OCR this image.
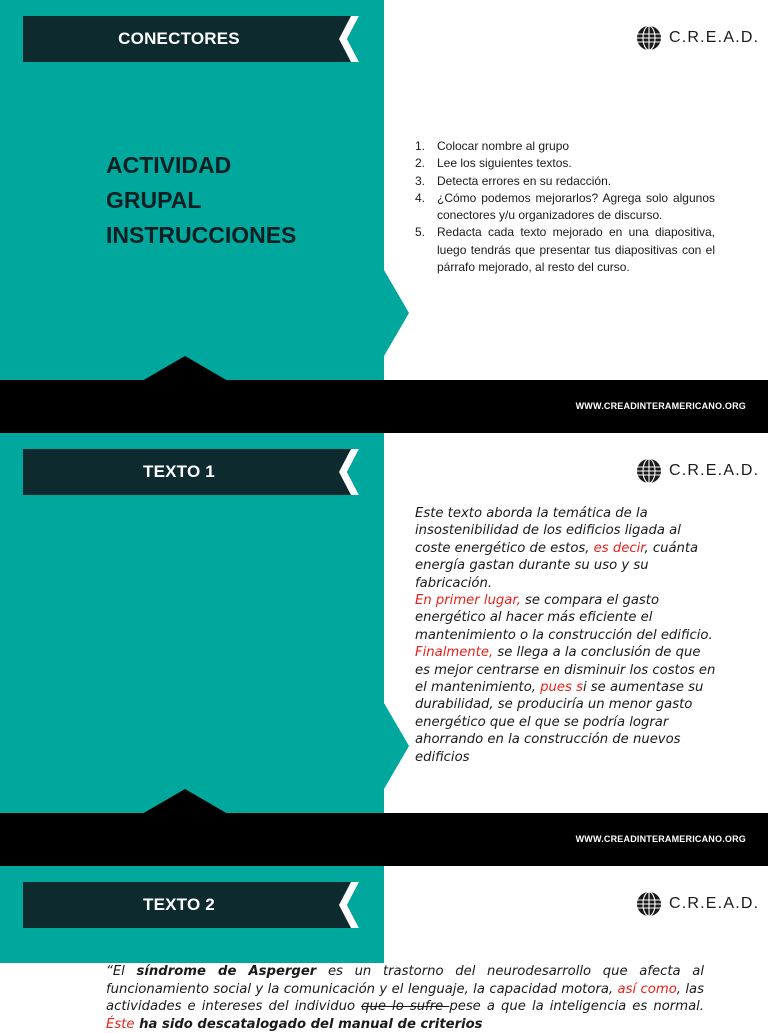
CONECTORES	C.R.E.A.D.
ACTIVIDAD
GRUPAL
INSTRUCCIONES
1. Colocar nombre al grupo
2. Lee los siguientes textos.
3. Detecta errores en su redacción.
4. ¿Cómo podemos mejorarlos? Agrega solo algunos conectores y/u organizadores de discurso.
5. Redacta cada texto mejorado en una diapositiva, luego tendrás que presentar tus diapositivas con el párrafo mejorado, al resto del curso.
WWW.CREADINTERAMERICANO.ORG
TEXTO 1	C.R.E.A.D.

Este texto aborda la temática de la insostenibilidad de los edificios ligada al coste energético de estos, es decir, cuánta energía gastan durante su uso y su fabricación.

En primer lugar, se compara el gasto energético al hacer más eficiente el mantenimiento o la construcción del edificio.

Finalmente, se llega a la conclusión de que es mejor centrarse en disminuir los costos en el mantenimiento, pues si se aumentase su durabilidad, se produciría un menor gasto energético que el que se podría lograr ahorrando en la construcción de nuevos edificios

WWW.CREADINTERAMERICANO.ORG
TEXTO 2	C.R.E.A.D.
“El síndrome de Asperger es un trastorno del neurodesarrollo que afecta al funcionamiento social y la comunicación y el lenguaje, la capacidad motora, así como, las actividades e intereses del individuo que lo sufre pese a que la inteligencia es normal. Éste ha sido descatalogado del manual de criterios
